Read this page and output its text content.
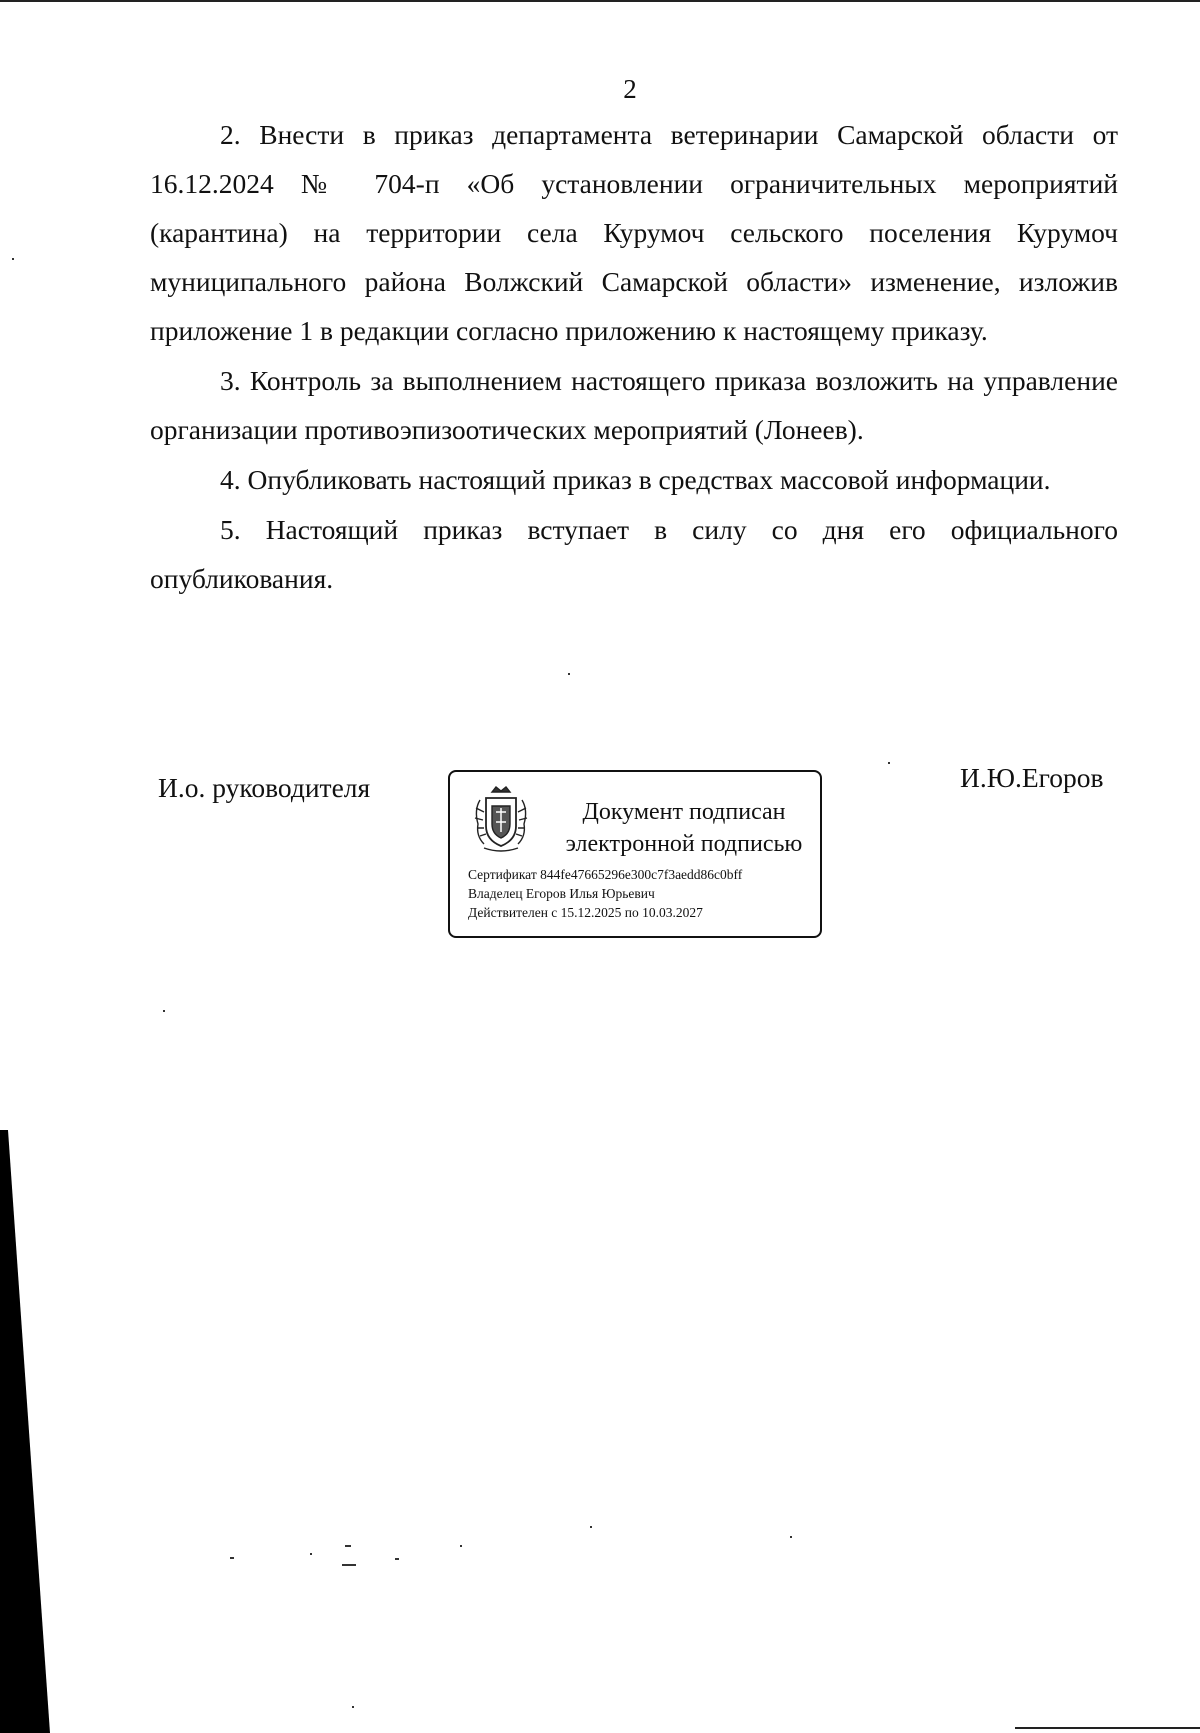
2

2. Внести в приказ департамента ветеринарии Самарской области от 16.12.2024 № 704-п «Об установлении ограничительных мероприятий (карантина) на территории села Курумоч сельского поселения Курумоч муниципального района Волжский Самарской области» изменение, изложив приложение 1 в редакции согласно приложению к настоящему приказу.

3. Контроль за выполнением настоящего приказа возложить на управление организации противоэпизоотических мероприятий (Лонеев).

4. Опубликовать настоящий приказ в средствах массовой информации.

5. Настоящий приказ вступает в силу со дня его официального опубликования.

И.о. руководителя
Документ подписан
электронной подписью
Сертификат 844fe47665296e300c7f3aedd86c0bff
Владелец Егоров Илья Юрьевич
Действителен с 15.12.2025 по 10.03.2027
И.Ю.Егоров
